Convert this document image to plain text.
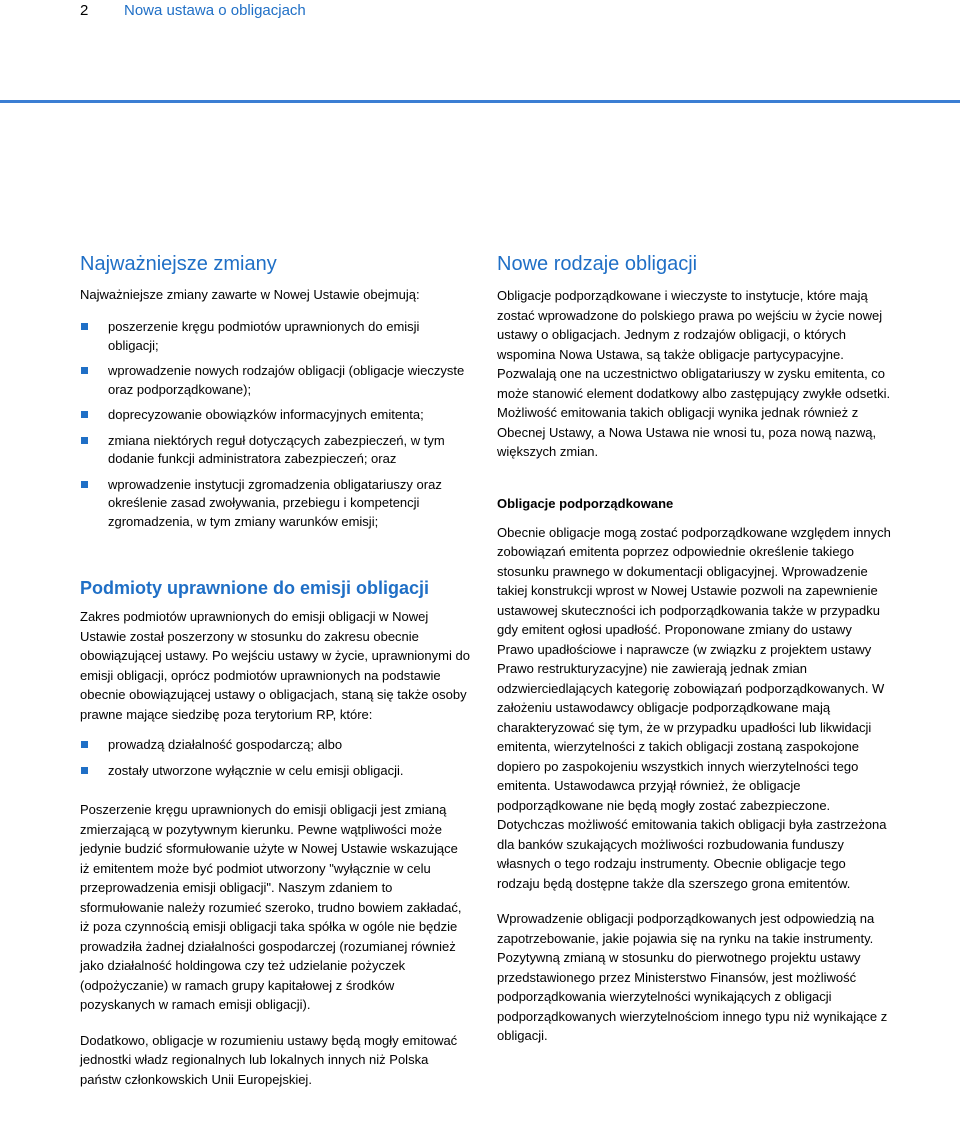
2 Nowa ustawa o obligacjach
Najważniejsze zmiany

Najważniejsze zmiany zawarte w Nowej Ustawie obejmują:

poszerzenie kręgu podmiotów uprawnionych do emisji obligacji;
wprowadzenie nowych rodzajów obligacji (obligacje wieczyste oraz podporządkowane);
doprecyzowanie obowiązków informacyjnych emitenta;
zmiana niektórych reguł dotyczących zabezpieczeń, w tym dodanie funkcji administratora zabezpieczeń; oraz
wprowadzenie instytucji zgromadzenia obligatariuszy oraz określenie zasad zwoływania, przebiegu i kompetencji zgromadzenia, w tym zmiany warunków emisji;
Podmioty uprawnione do emisji obligacji

Zakres podmiotów uprawnionych do emisji obligacji w Nowej Ustawie został poszerzony w stosunku do zakresu obecnie obowiązującej ustawy. Po wejściu ustawy w życie, uprawnionymi do emisji obligacji, oprócz podmiotów uprawnionych na podstawie obecnie obowiązującej ustawy o obligacjach, staną się także osoby prawne mające siedzibę poza terytorium RP, które:

prowadzą działalność gospodarczą; albo
zostały utworzone wyłącznie w celu emisji obligacji.

Poszerzenie kręgu uprawnionych do emisji obligacji jest zmianą zmierzającą w pozytywnym kierunku. Pewne wątpliwości może jedynie budzić sformułowanie użyte w Nowej Ustawie wskazujące iż emitentem może być podmiot utworzony "wyłącznie w celu przeprowadzenia emisji obligacji". Naszym zdaniem to sformułowanie należy rozumieć szeroko, trudno bowiem zakładać, iż poza czynnością emisji obligacji taka spółka w ogóle nie będzie prowadziła żadnej działalności gospodarczej (rozumianej również jako działalność holdingowa czy też udzielanie pożyczek (odpożyczanie) w ramach grupy kapitałowej z środków pozyskanych w ramach emisji obligacji).

Dodatkowo, obligacje w rozumieniu ustawy będą mogły emitować jednostki władz regionalnych lub lokalnych innych niż Polska państw członkowskich Unii Europejskiej.

Nowe rodzaje obligacji

Obligacje podporządkowane i wieczyste to instytucje, które mają zostać wprowadzone do polskiego prawa po wejściu w życie nowej ustawy o obligacjach. Jednym z rodzajów obligacji, o których wspomina Nowa Ustawa, są także obligacje partycypacyjne. Pozwalają one na uczestnictwo obligatariuszy w zysku emitenta, co może stanowić element dodatkowy albo zastępujący zwykłe odsetki. Możliwość emitowania takich obligacji wynika jednak również z Obecnej Ustawy, a Nowa Ustawa nie wnosi tu, poza nową nazwą, większych zmian.

Obligacje podporządkowane

Obecnie obligacje mogą zostać podporządkowane względem innych zobowiązań emitenta poprzez odpowiednie określenie takiego stosunku prawnego w dokumentacji obligacyjnej. Wprowadzenie takiej konstrukcji wprost w Nowej Ustawie pozwoli na zapewnienie ustawowej skuteczności ich podporządkowania także w przypadku gdy emitent ogłosi upadłość. Proponowane zmiany do ustawy Prawo upadłościowe i naprawcze (w związku z projektem ustawy Prawo restrukturyzacyjne) nie zawierają jednak zmian odzwierciedlających kategorię zobowiązań podporządkowanych. W założeniu ustawodawcy obligacje podporządkowane mają charakteryzować się tym, że w przypadku upadłości lub likwidacji emitenta, wierzytelności z takich obligacji zostaną zaspokojone dopiero po zaspokojeniu wszystkich innych wierzytelności tego emitenta. Ustawodawca przyjął również, że obligacje podporządkowane nie będą mogły zostać zabezpieczone. Dotychczas możliwość emitowania takich obligacji była zastrzeżona dla banków szukających możliwości rozbudowania funduszy własnych o tego rodzaju instrumenty. Obecnie obligacje tego rodzaju będą dostępne także dla szerszego grona emitentów.

Wprowadzenie obligacji podporządkowanych jest odpowiedzią na zapotrzebowanie, jakie pojawia się na rynku na takie instrumenty. Pozytywną zmianą w stosunku do pierwotnego projektu ustawy przedstawionego przez Ministerstwo Finansów, jest możliwość podporządkowania wierzytelności wynikających z obligacji podporządkowanych wierzytelnościom innego typu niż wynikające z obligacji.
